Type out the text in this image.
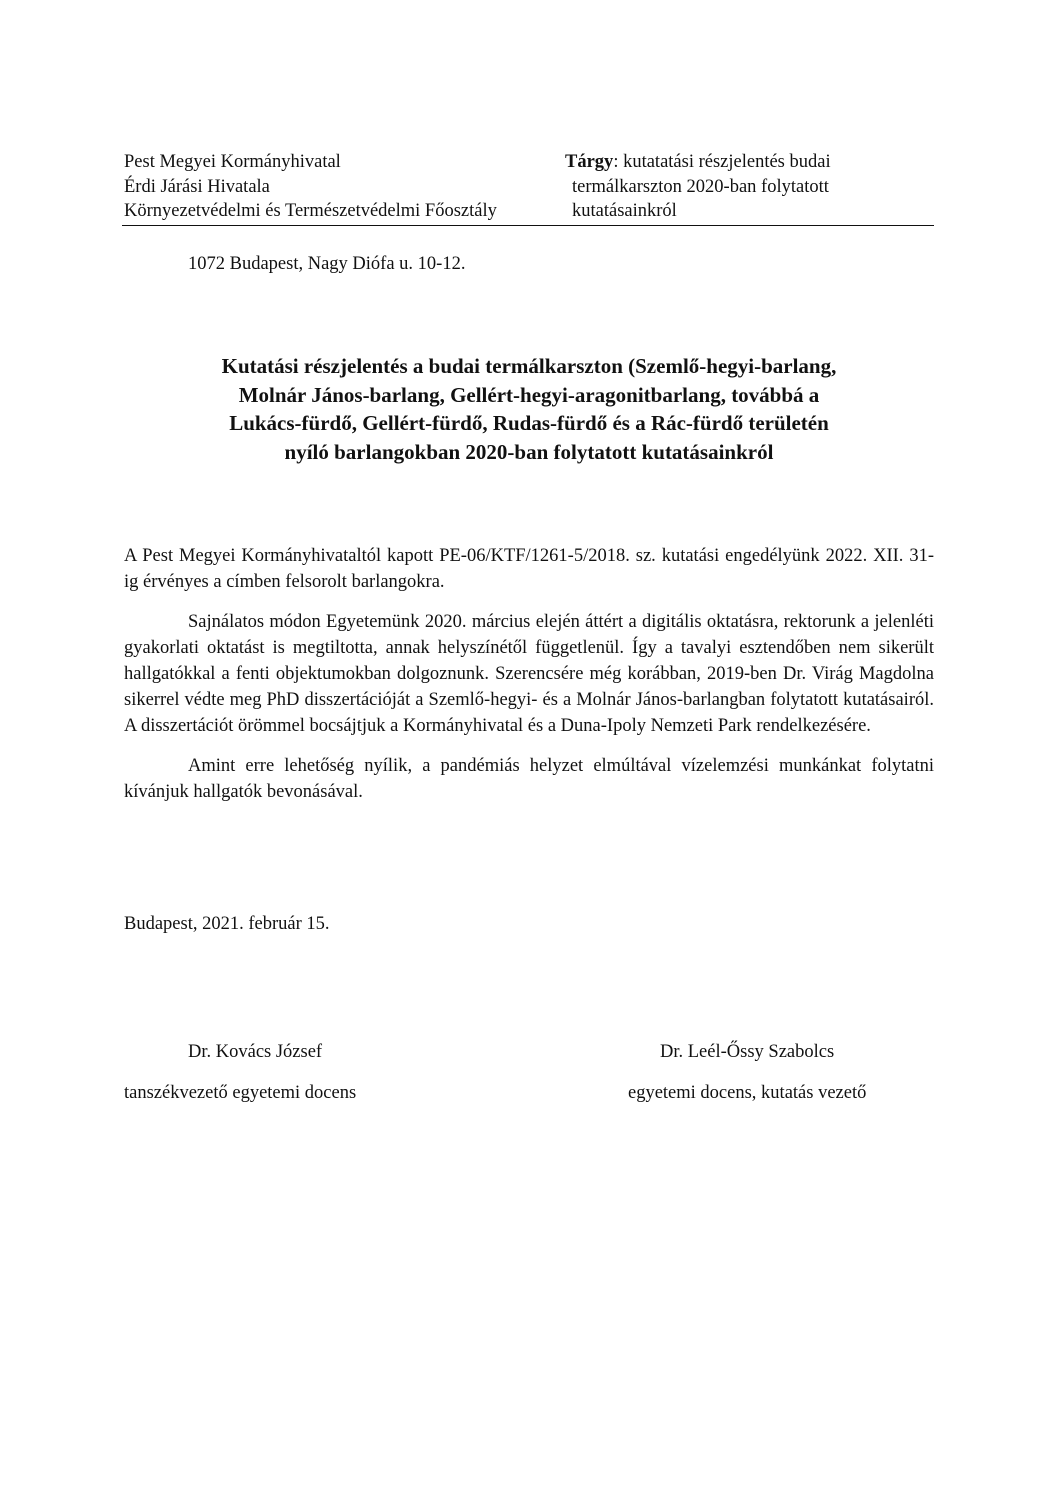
Pest Megyei Kormányhivatal
Érdi Járási Hivatala
Környezetvédelmi és Természetvédelmi Főosztály
Tárgy: kutatatási részjelentés budai
termálkarszton 2020-ban folytatott
kutatásainkról
1072 Budapest, Nagy Diófa u. 10-12.
Kutatási részjelentés a budai termálkarszton (Szemlő-hegyi-barlang,
Molnár János-barlang, Gellért-hegyi-aragonitbarlang, továbbá a
Lukács-fürdő, Gellért-fürdő, Rudas-fürdő és a Rác-fürdő területén
nyíló barlangokban 2020-ban folytatott kutatásainkról

A Pest Megyei Kormányhivataltól kapott PE-06/KTF/1261-5/2018. sz. kutatási engedélyünk 2022. XII. 31-ig érvényes a címben felsorolt barlangokra.

Sajnálatos módon Egyetemünk 2020. március elején áttért a digitális oktatásra, rektorunk a jelenléti gyakorlati oktatást is megtiltotta, annak helyszínétől függetlenül. Így a tavalyi esztendőben nem sikerült hallgatókkal a fenti objektumokban dolgoznunk. Szerencsére még korábban, 2019-ben Dr. Virág Magdolna sikerrel védte meg PhD disszertációját a Szemlő-hegyi- és a Molnár János-barlangban folytatott kutatásairól. A disszertációt örömmel bocsájtjuk a Kormányhivatal és a Duna-Ipoly Nemzeti Park rendelkezésére.

Amint erre lehetőség nyílik, a pandémiás helyzet elmúltával vízelemzési munkánkat folytatni kívánjuk hallgatók bevonásával.

Budapest, 2021. február 15.
Dr. Kovács József
tanszékvezető egyetemi docens
Dr. Leél-Őssy Szabolcs
egyetemi docens, kutatás vezető
